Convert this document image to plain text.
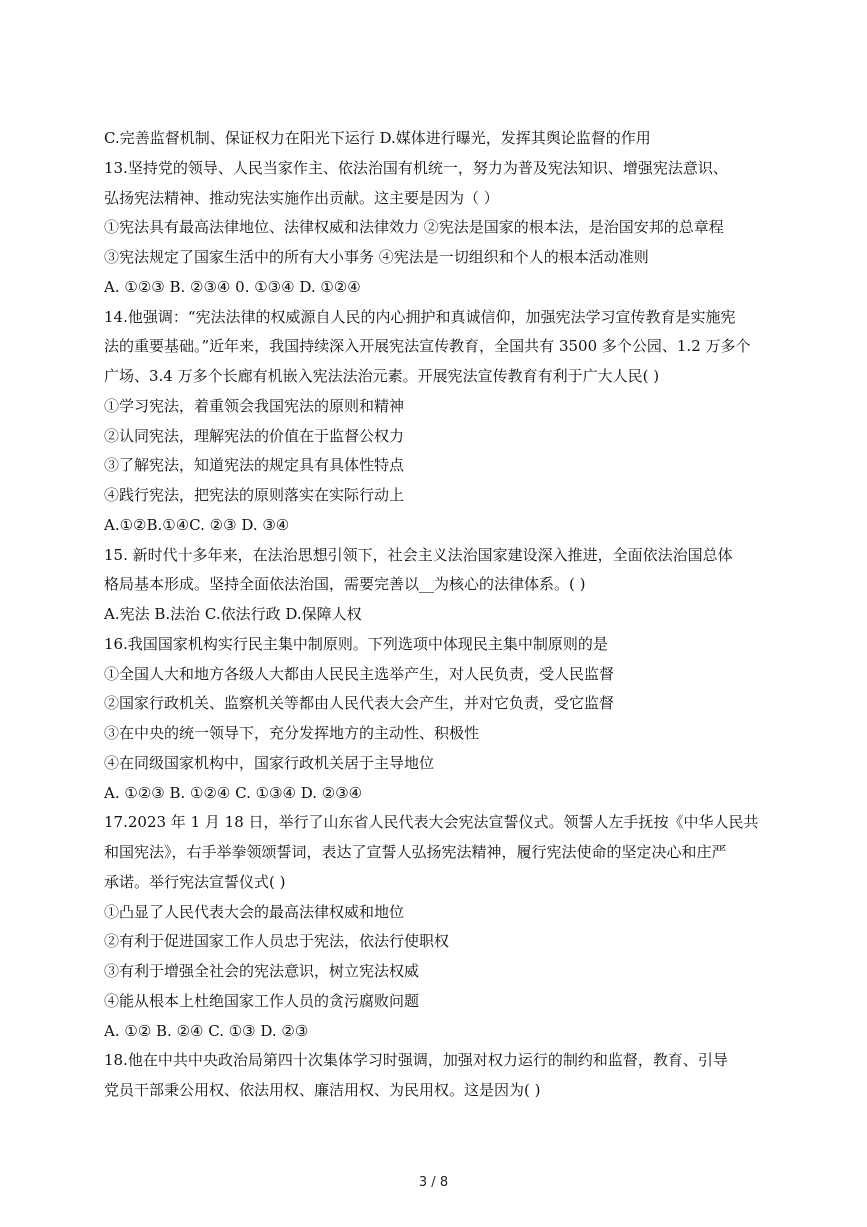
C.完善监督机制、保证权力在阳光下运行 D.媒体进行曝光，发挥其舆论监督的作用
13.坚持党的领导、人民当家作主、依法治国有机统一，努力为普及宪法知识、增强宪法意识、
弘扬宪法精神、推动宪法实施作出贡献。这主要是因为（ ）
①宪法具有最高法律地位、法律权威和法律效力 ②宪法是国家的根本法，是治国安邦的总章程
③宪法规定了国家生活中的所有大小事务 ④宪法是一切组织和个人的根本活动准则
A. ①②③ B. ②③④ 0. ①③④ D. ①②④
14.他强调：“宪法法律的权威源自人民的内心拥护和真诚信仰，加强宪法学习宣传教育是实施宪
法的重要基础。”近年来，我国持续深入开展宪法宣传教育，全国共有 3500 多个公园、1.2 万多个
广场、3.4 万多个长廊有机嵌入宪法法治元素。开展宪法宣传教育有利于广大人民( )
①学习宪法，着重领会我国宪法的原则和精神
②认同宪法，理解宪法的价值在于监督公权力
③了解宪法，知道宪法的规定具有具体性特点
④践行宪法，把宪法的原则落实在实际行动上
A.①②B.①④C. ②③ D. ③④
15. 新时代十多年来，在法治思想引领下，社会主义法治国家建设深入推进，全面依法治国总体
格局基本形成。坚持全面依法治国，需要完善以__为核心的法律体系。( )
A.宪法 B.法治 C.依法行政 D.保障人权
16.我国国家机构实行民主集中制原则。下列选项中体现民主集中制原则的是
①全国人大和地方各级人大都由人民民主选举产生，对人民负责，受人民监督
②国家行政机关、监察机关等都由人民代表大会产生，并对它负责，受它监督
③在中央的统一领导下，充分发挥地方的主动性、积极性
④在同级国家机构中，国家行政机关居于主导地位
A. ①②③ B. ①②④ C. ①③④ D. ②③④
17.2023 年 1 月 18 日，举行了山东省人民代表大会宪法宣誓仪式。领誓人左手抚按《中华人民共
和国宪法》，右手举拳领颂誓词，表达了宣誓人弘扬宪法精神，履行宪法使命的坚定决心和庄严
承诺。举行宪法宣誓仪式( )
①凸显了人民代表大会的最高法律权威和地位
②有利于促进国家工作人员忠于宪法，依法行使职权
③有利于增强全社会的宪法意识，树立宪法权威
④能从根本上杜绝国家工作人员的贪污腐败问题
A. ①② B. ②④ C. ①③ D. ②③
18.他在中共中央政治局第四十次集体学习时强调，加强对权力运行的制约和监督，教育、引导
党员干部秉公用权、依法用权、廉洁用权、为民用权。这是因为( )
3 / 8
